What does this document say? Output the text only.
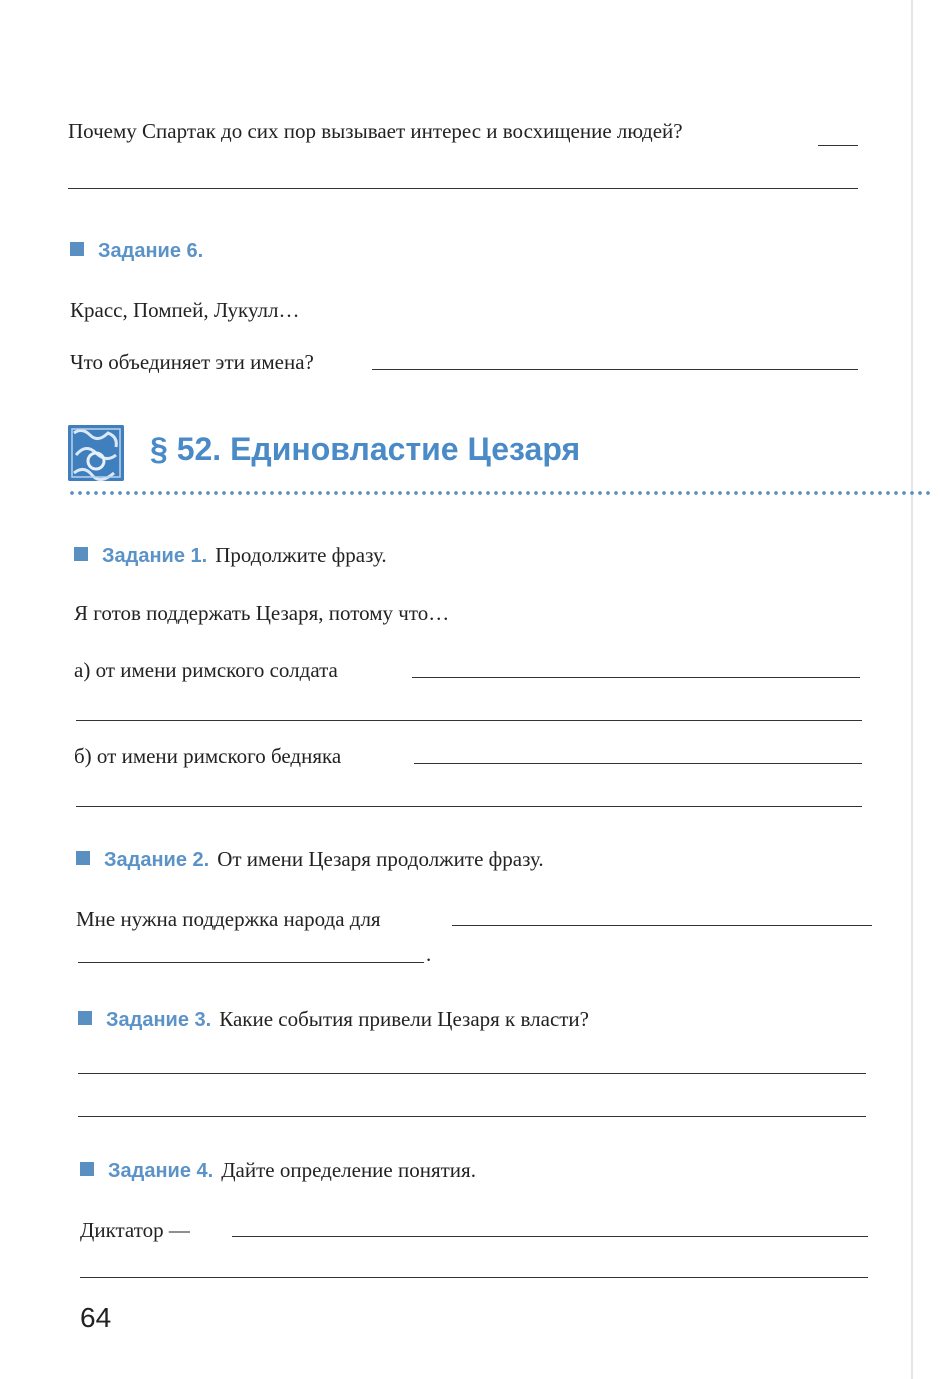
Почему Спартак до сих пор вызывает интерес и восхищение людей?
Задание 6.
Красс, Помпей, Лукулл…
Что объединяет эти имена?
§ 52. Единовластие Цезаря
Задание 1. Продолжите фразу.
Я готов поддержать Цезаря, потому что…
а) от имени римского солдата
б) от имени римского бедняка
Задание 2. От имени Цезаря продолжите фразу.
Мне нужна поддержка народа для
.
Задание 3. Какие события привели Цезаря к власти?
Задание 4. Дайте определение понятия.
Диктатор —
64
